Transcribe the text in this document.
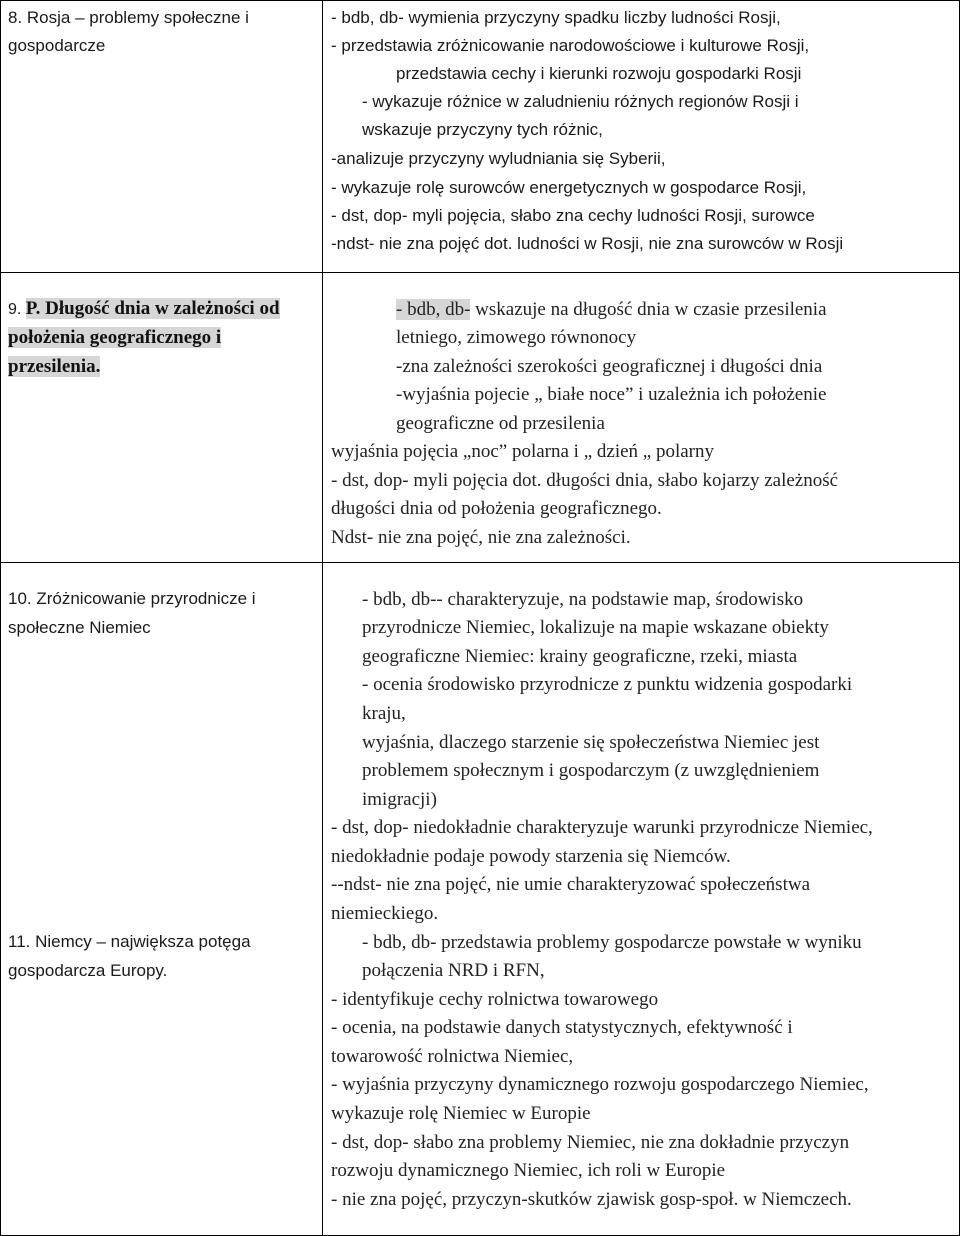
8. Rosja – problemy społeczne i
gospodarcze
- bdb, db- wymienia przyczyny spadku liczby ludności Rosji,
- przedstawia zróżnicowanie narodowościowe i kulturowe Rosji,
przedstawia cechy i kierunki rozwoju gospodarki Rosji
- wykazuje różnice w zaludnieniu różnych regionów Rosji i
wskazuje przyczyny tych różnic,
-analizuje przyczyny wyludniania się Syberii,
- wykazuje rolę surowców energetycznych w gospodarce Rosji,
- dst, dop- myli pojęcia, słabo zna cechy ludności Rosji, surowce
-ndst- nie zna pojęć dot. ludności w Rosji, nie zna surowców w Rosji
9. P. Długość dnia w zależności od
położenia geograficznego i
przesilenia.
- bdb, db- wskazuje na długość dnia w czasie przesilenia
letniego, zimowego równonocy
-zna zależności szerokości geograficznej i długości dnia
-wyjaśnia pojecie „ białe noce” i uzależnia ich położenie
geograficzne od przesilenia
wyjaśnia pojęcia „noc” polarna i „ dzień „ polarny
- dst, dop- myli pojęcia dot. długości dnia, słabo kojarzy zależność
długości dnia od położenia geograficznego.
Ndst- nie zna pojęć, nie zna zależności.
10. Zróżnicowanie przyrodnicze i
społeczne Niemiec
11. Niemcy – największa potęga
gospodarcza Europy.
- bdb, db-- charakteryzuje, na podstawie map, środowisko
przyrodnicze Niemiec, lokalizuje na mapie wskazane obiekty
geograficzne Niemiec: krainy geograficzne, rzeki, miasta
- ocenia środowisko przyrodnicze z punktu widzenia gospodarki
kraju,
wyjaśnia, dlaczego starzenie się społeczeństwa Niemiec jest
problemem społecznym i gospodarczym (z uwzględnieniem
imigracji)
- dst, dop- niedokładnie charakteryzuje warunki przyrodnicze Niemiec,
niedokładnie podaje powody starzenia się Niemców.
--ndst- nie zna pojęć, nie umie charakteryzować społeczeństwa
niemieckiego.
- bdb, db- przedstawia problemy gospodarcze powstałe w wyniku
połączenia NRD i RFN,
- identyfikuje cechy rolnictwa towarowego
- ocenia, na podstawie danych statystycznych, efektywność i
towarowość rolnictwa Niemiec,
- wyjaśnia przyczyny dynamicznego rozwoju gospodarczego Niemiec,
wykazuje rolę Niemiec w Europie
- dst, dop- słabo zna problemy Niemiec, nie zna dokładnie przyczyn
rozwoju dynamicznego Niemiec, ich roli w Europie
- nie zna pojęć, przyczyn-skutków zjawisk gosp-społ. w Niemczech.
